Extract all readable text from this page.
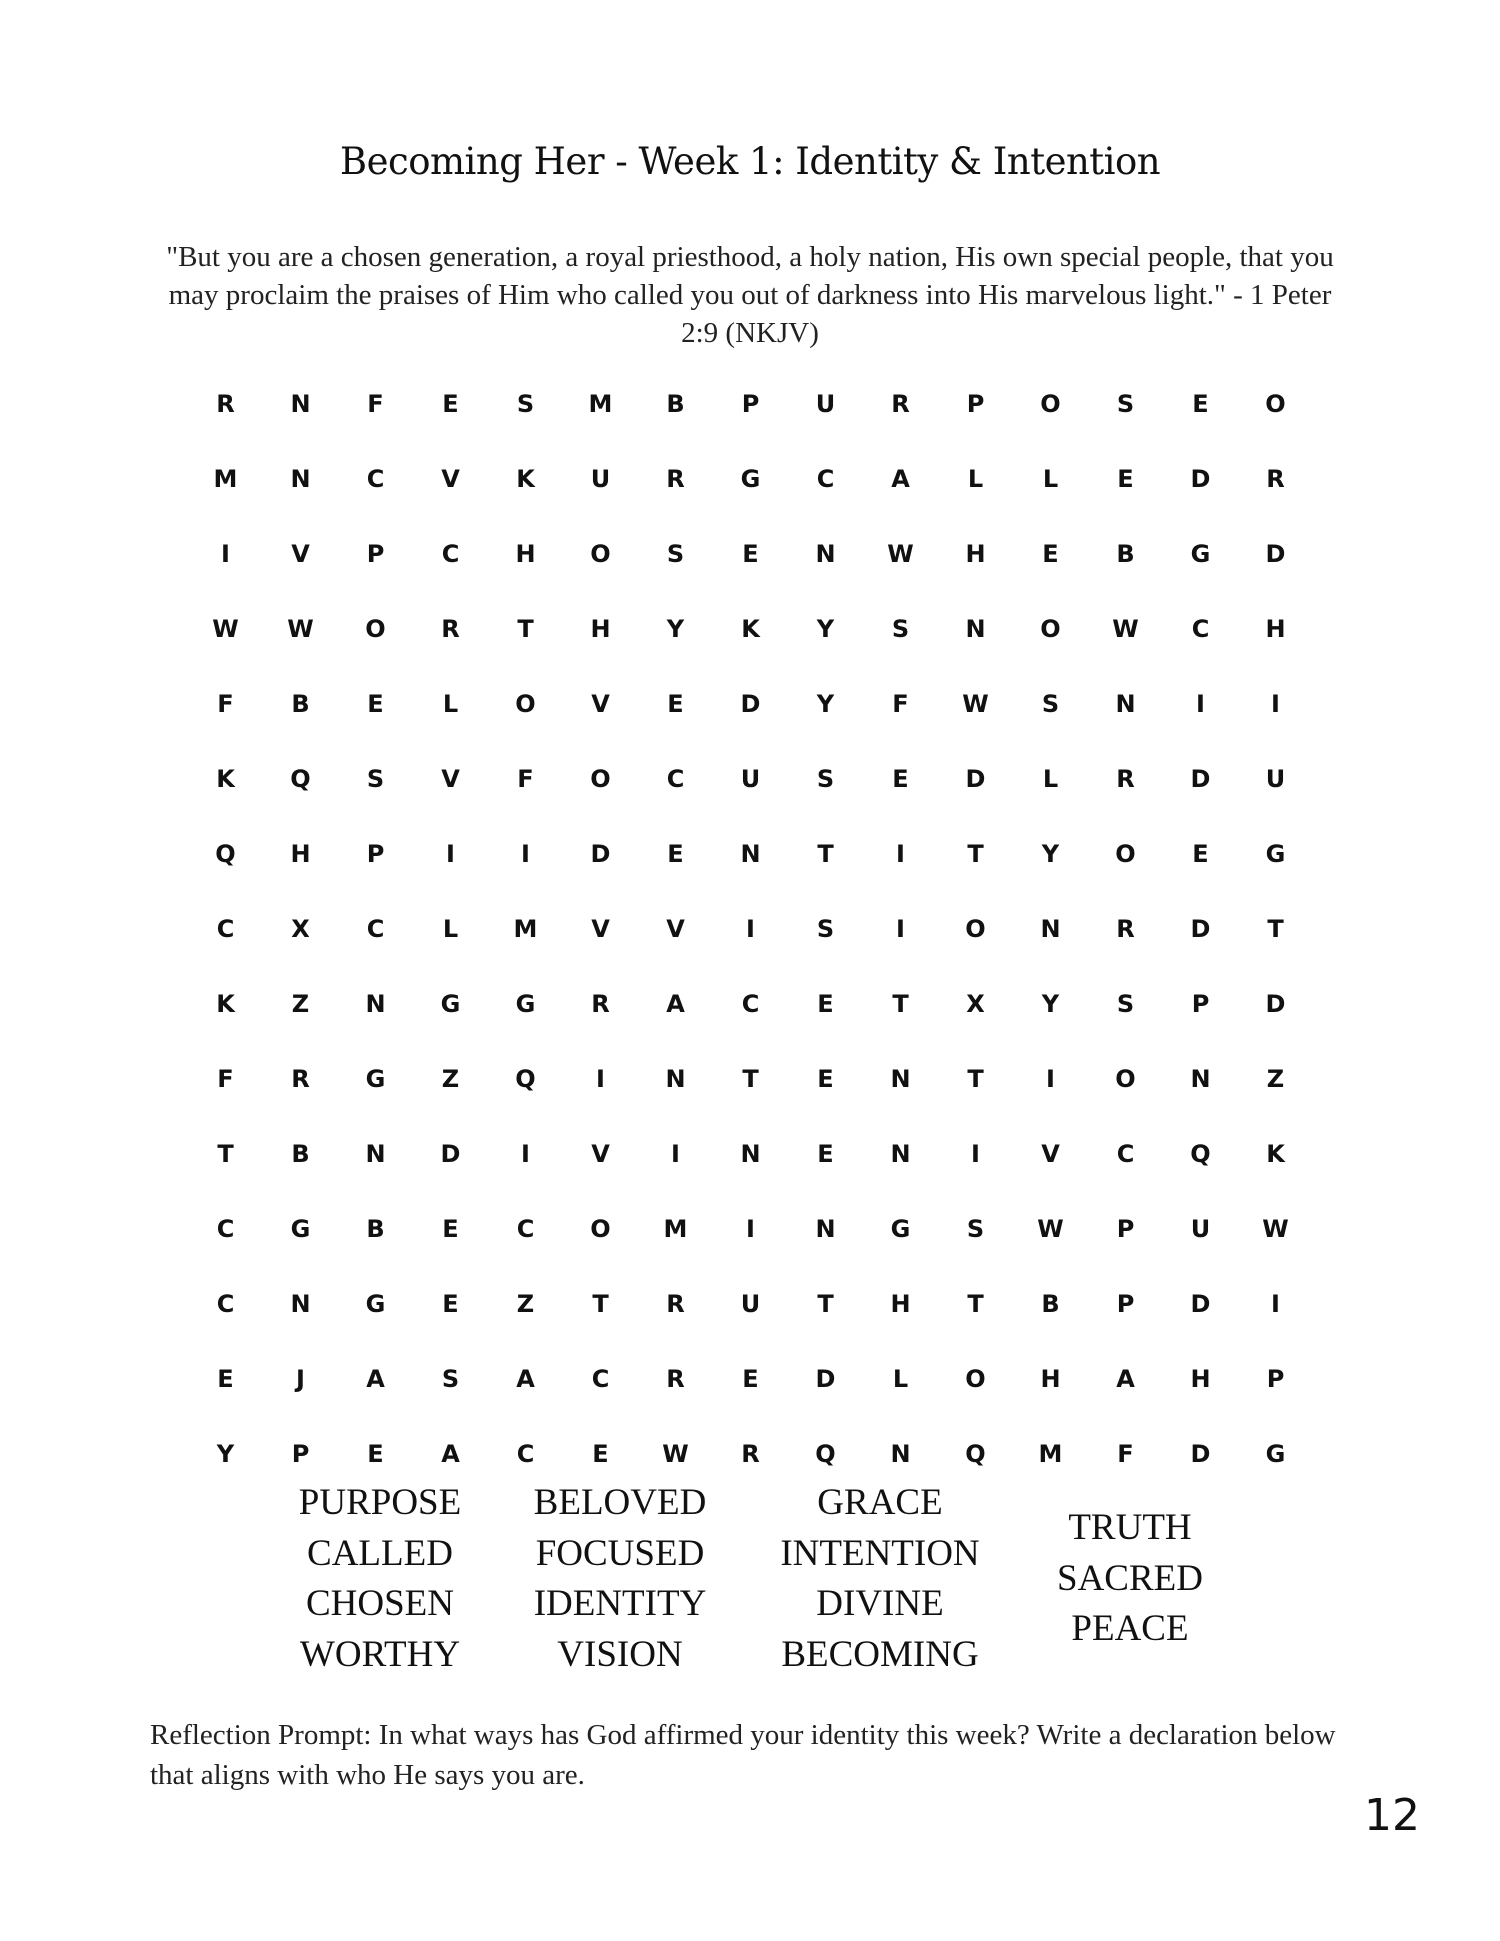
Becoming Her - Week 1: Identity & Intention
"But you are a chosen generation, a royal priesthood, a holy nation, His own special people, that you may proclaim the praises of Him who called you out of darkness into His marvelous light." - 1 Peter 2:9 (NKJV)
R	N	F	E	S	M	B	P	U	R	P	O	S	E	O
M	N	C	V	K	U	R	G	C	A	L	L	E	D	R
I	V	P	C	H	O	S	E	N	W	H	E	B	G	D
W	W	O	R	T	H	Y	K	Y	S	N	O	W	C	H
F	B	E	L	O	V	E	D	Y	F	W	S	N	I	I
K	Q	S	V	F	O	C	U	S	E	D	L	R	D	U
Q	H	P	I	I	D	E	N	T	I	T	Y	O	E	G
C	X	C	L	M	V	V	I	S	I	O	N	R	D	T
K	Z	N	G	G	R	A	C	E	T	X	Y	S	P	D
F	R	G	Z	Q	I	N	T	E	N	T	I	O	N	Z
T	B	N	D	I	V	I	N	E	N	I	V	C	Q	K
C	G	B	E	C	O	M	I	N	G	S	W	P	U	W
C	N	G	E	Z	T	R	U	T	H	T	B	P	D	I
E	J	A	S	A	C	R	E	D	L	O	H	A	H	P
Y	P	E	A	C	E	W	R	Q	N	Q	M	F	D	G
PURPOSE
CALLED
CHOSEN
WORTHY
BELOVED
FOCUSED
IDENTITY
VISION
GRACE
INTENTION
DIVINE
BECOMING
TRUTH
SACRED
PEACE
Reflection Prompt: In what ways has God affirmed your identity this week? Write a declaration below that aligns with who He says you are.
12
